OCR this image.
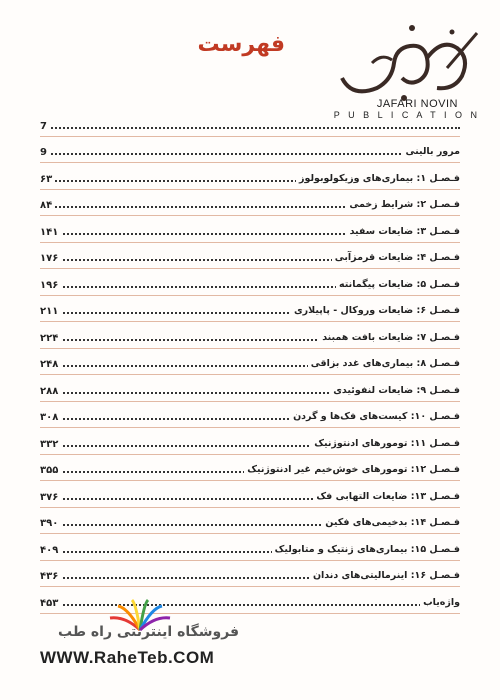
فهرست
JAFARI NOVIN
P U B L I C A T I O N
7
مرور بالینی
9
فـصـل ۱: بیماری‌های وزیکولوبولوز
۶۳
فـصـل ۲: شرایط زخمی
۸۴
فـصـل ۳: ضایعات سفید
۱۴۱
فـصـل ۴: ضایعات قرمزآبی
۱۷۶
فـصـل ۵: ضایعات پیگمانته
۱۹۶
فـصـل ۶: ضایعات وروکال - پاپیلاری
۲۱۱
فـصـل ۷: ضایعات بافت همبند
۲۲۴
فـصـل ۸: بیماری‌های غدد بزاقی
۲۴۸
فـصـل ۹: ضایعات لنفوئیدی
۲۸۸
فـصـل ۱۰: کیست‌های فک‌ها و گردن
۳۰۸
فـصـل ۱۱: تومورهای ادنتوژنیک
۳۳۲
فـصـل ۱۲: تومورهای خوش‌خیم غیر ادنتوژنیک
۳۵۵
فـصـل ۱۳: ضایعات التهابی فک
۳۷۶
فـصـل ۱۴: بدخیمی‌های فکین
۳۹۰
فـصـل ۱۵: بیماری‌های ژنتیک و متابولیک
۴۰۹
فـصـل ۱۶: اینرمالیتی‌های دندان
۴۳۶
واژه‌یاب
۴۵۳
فروشگاه اینترنتی راه طب
WWW.RaheTeb.COM
